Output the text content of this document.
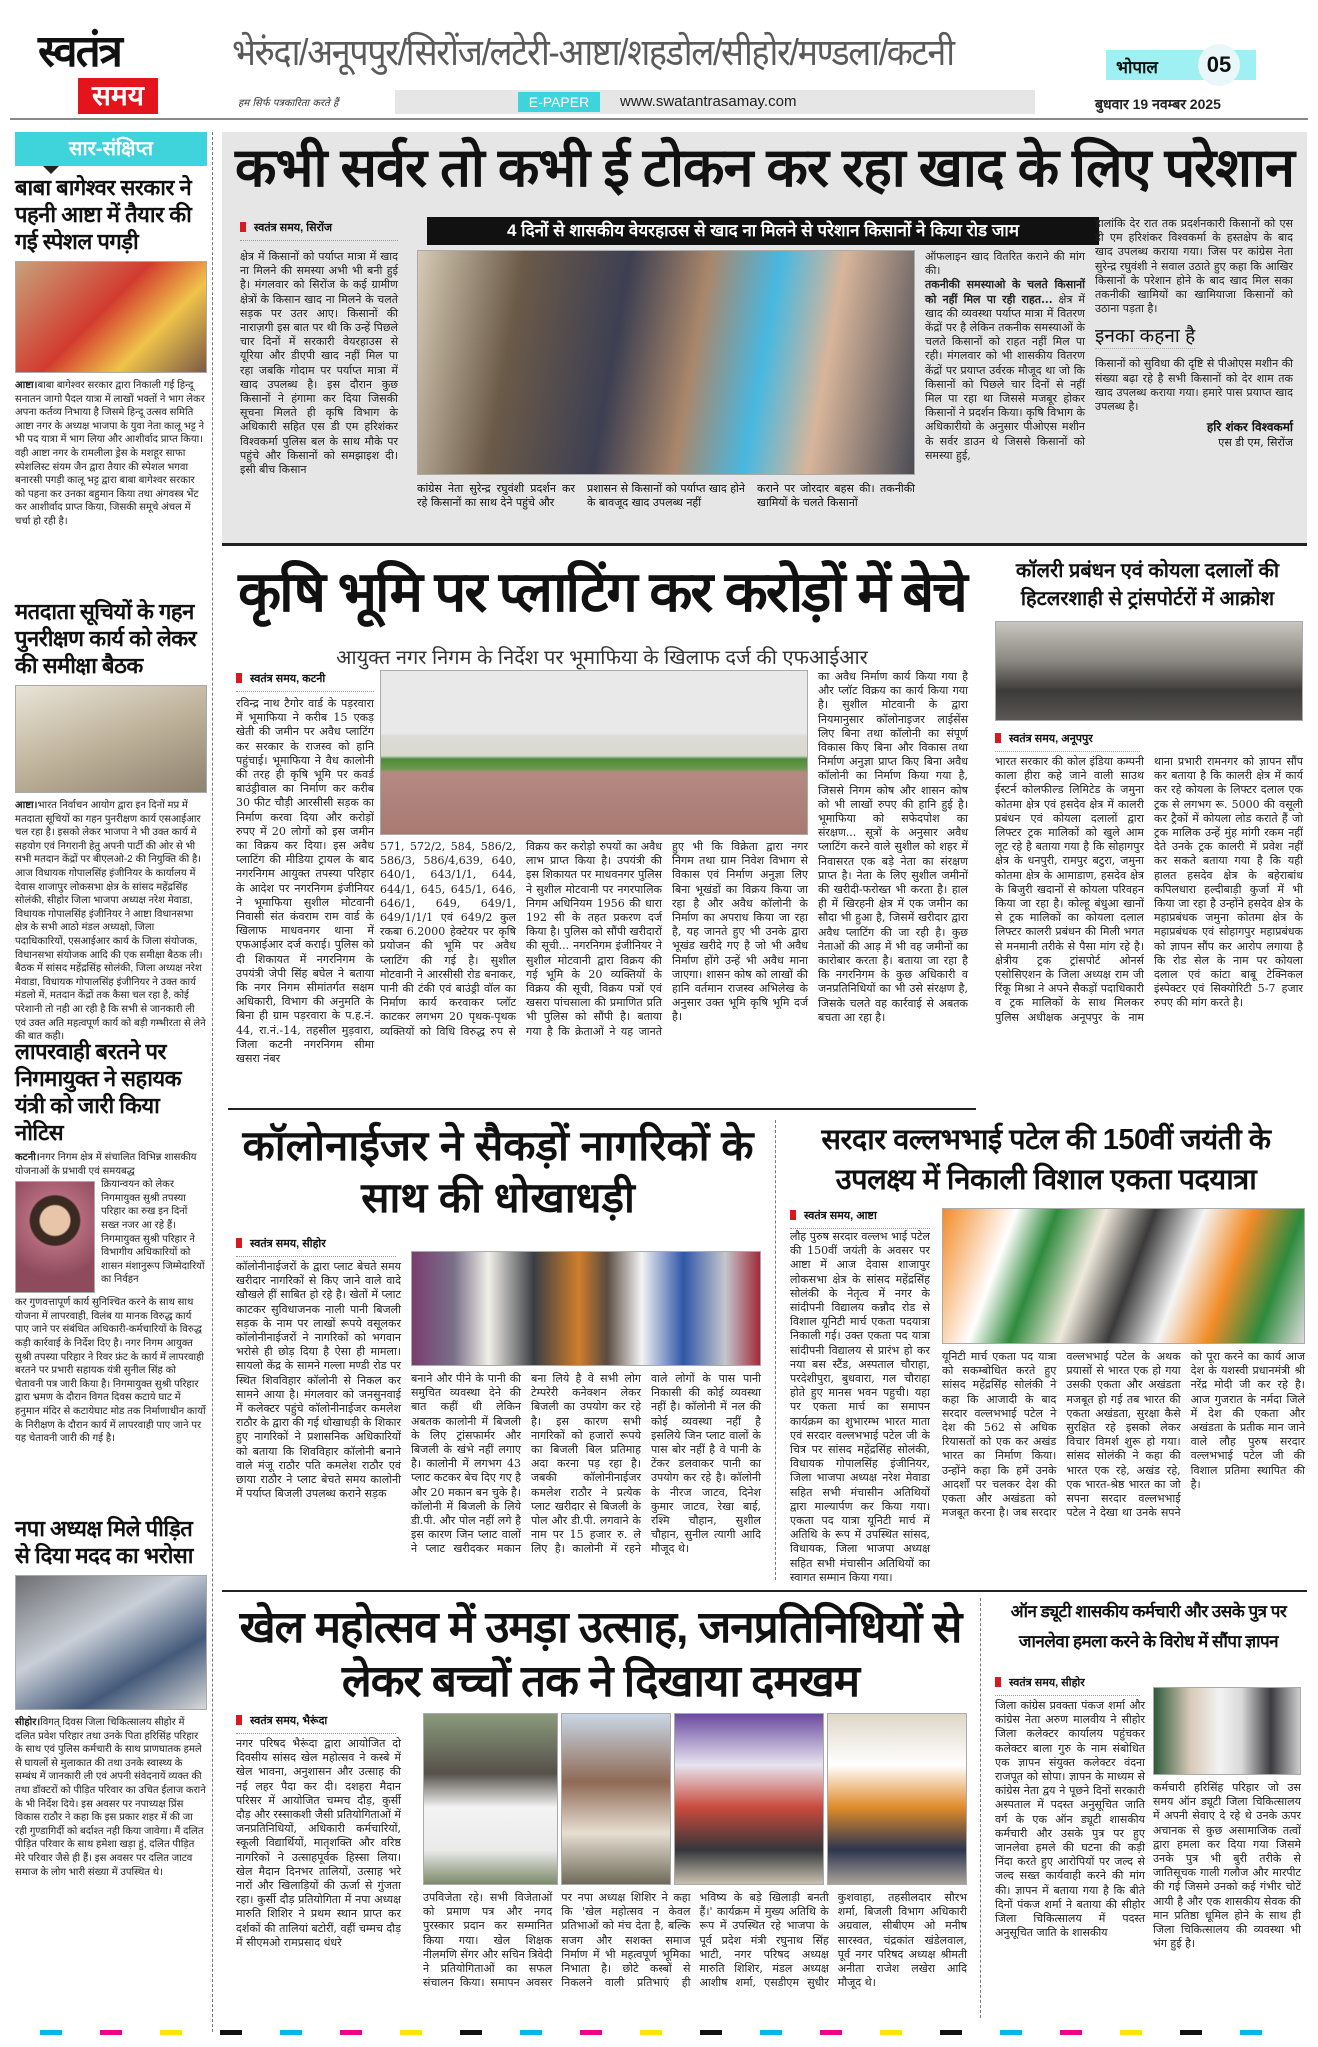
स्वतंत्र
समय
भेरुंदा/अनूपपुर/सिरोंज/लटेरी-आष्टा/शहडोल/सीहोर/मण्डला/कटनी	भोपाल	05
हम सिर्फ पत्रकारिता करते हैं	E-PAPER	www.swatantrasamay.com	बुधवार 19 नवम्बर 2025
सार-संक्षिप्त
बाबा बागेश्वर सरकार ने पहनी आष्टा में तैयार की गई स्पेशल पगड़ी
आष्टा।बाबा बागेश्वर सरकार द्वारा निकाली गई हिन्दू सनातन जागो पैदल यात्रा में लाखों भक्तों ने भाग लेकर अपना कर्तव्य निभाया है जिसमे हिन्दू उत्सव समिति आष्टा नगर के अध्यक्ष भाजपा के युवा नेता कालू भट्ट ने भी पद यात्रा में भाग लिया और आशीर्वाद प्राप्त किया। वही आष्टा नगर के रामलीला ड्रेस के मशहूर साफा स्पेशलिस्ट संयम जैन द्वारा तैयार की स्पेशल भगवा बनारसी पगड़ी कालू भट्ट द्वारा बाबा बागेश्वर सरकार को पहना कर उनका बहुमान किया तथा अंगवस्त्र भेंट कर आशीर्वाद प्राप्त किया, जिसकी समूचे अंचल में चर्चा हो रही है।
मतदाता सूचियों के गहन पुनरीक्षण कार्य को लेकर की समीक्षा बैठक
आष्टा।भारत निर्वाचन आयोग द्वारा इन दिनों मप्र में मतदाता सूचियों का गहन पुनरीक्षण कार्य एसआईआर चल रहा है। इसको लेकर भाजपा ने भी उक्त कार्य मे सहयोग एवं निगरानी हेतु अपनी पार्टी की ओर से भी सभी मतदान केंद्रों पर बीएलओ-2 की नियुक्ति की है। आज विधायक गोपालसिंह इंजीनियर के कार्यालय में देवास शाजापुर लोकसभा क्षेत्र के सांसद महेंद्रसिंह सोलंकी, सीहोर जिला भाजपा अध्यक्ष नरेश मेवाडा, विधायक गोपालसिंह इंजीनियर ने आष्टा विधानसभा क्षेत्र के सभी आठो मंडल अध्यक्षो, जिला पदाधिकारियों, एसआईआर कार्य के जिला संयोजक, विधानसभा संयोजक आदि की एक समीक्षा बैठक ली। बैठक में सांसद महेंद्रसिंह सोलंकी, जिला अध्यक्ष नरेश मेवाडा, विधायक गोपालसिंह इंजीनियर ने उक्त कार्य मंडलो में, मतदान केंद्रों तक कैसा चल रहा है, कोई परेशानी तो नही आ रही है कि सभी से जानकारी ली एवं उक्त अति महत्वपूर्ण कार्य को बड़ी गम्भीरता से लेने की बात कही।
लापरवाही बरतने पर निगमायुक्त ने सहायक यंत्री को जारी किया नोटिस
कटनी।नगर निगम क्षेत्र में संचालित विभिन्न शासकीय योजनाओं के प्रभावी एवं समयबद्ध
क्रियान्वयन को लेकर निगमायुक्त सुश्री तपस्या परिहार का रुख इन दिनों सख्त नजर आ रहे हैं। निगमायुक्त सुश्री परिहार ने विभागीय अधिकारियों को शासन मंशानुरूप जिम्मेदारियों का निर्वहन
कर गुणवत्तापूर्ण कार्य सुनिश्चित करने के साथ साथ योजना में लापरवाही, विलंब या मानक विरुद्ध कार्य पाए जाने पर संबंधित अधिकारी-कर्मचारियों के विरुद्ध कड़ी कार्रवाई के निर्देश दिए है। नगर निगम आयुक्त सुश्री तपस्या परिहार ने रिवर फ्रंट के कार्य में लापरवाही बरतने पर प्रभारी सहायक यंत्री सुनील सिंह को चेतावनी पत्र जारी किया है। निगमायुक्त सुश्री परिहार द्वारा भ्रमण के दौरान विगत दिवस कटाये घाट में हनुमान मंदिर से कटायेघाट मोड तक निर्माणाधीन कार्यो के निरीक्षण के दौरान कार्य में लापरवाही पाए जाने पर यह चेतावनी जारी की गई है।
नपा अध्यक्ष मिले पीड़ित से दिया मदद का भरोसा
सीहोर।विगत् दिवस जिला चिकित्सालय सीहोर में दलित प्रवेश परिहार तथा उनके पिता हरिसिंह परिहार के साथ एवं पुलिस कर्मचारी के साथ प्राणघातक हमले से घायलों से मुलाकात की तथा उनके स्वास्थ्य के सम्बंध में जानकारी ली एवं अपनी संवेदनायें व्यक्त की तथा डॉक्टरों को पीड़ित परिवार का उचित ईलाज कराने के भी निर्देश दिये। इस अवसर पर नपाध्यक्ष प्रिंस विकास राठौर ने कहा कि इस प्रकार शहर में की जा रही गुण्डागिर्दी को बर्दाश्त नही किया जावेगा। मैं दलित पीड़ित परिवार के साथ हमेशा खड़ा हुं, दलित पीड़ित मेरे परिवार जैसे ही हैं। इस अवसर पर दलित जाटव समाज के लोग भारी संख्या में उपस्थित थे।
कभी सर्वर तो कभी ई टोकन कर रहा खाद के लिए परेशान
स्वतंत्र समय, सिरोंज	4 दिनों से शासकीय वेयरहाउस से खाद ना मिलने से परेशान किसानों ने किया रोड जाम
क्षेत्र में किसानों को पर्याप्त मात्रा में खाद ना मिलने की समस्या अभी भी बनी हुई है। मंगलवार को सिरोंज के कई ग्रामीण क्षेत्रों के किसान खाद ना मिलने के चलते सड़क पर उतर आए। किसानों की नाराज़गी इस बात पर थी कि उन्हें पिछले चार दिनों में सरकारी वेयरहाउस से यूरिया और डीएपी खाद नहीं मिल पा रहा जबकि गोदाम पर पर्याप्त मात्रा में खाद उपलब्ध है। इस दौरान कुछ किसानों ने हंगामा कर दिया जिसकी सूचना मिलते ही कृषि विभाग के अधिकारी सहित एस डी एम हरिशंकर विश्वकर्मा पुलिस बल के साथ मौके पर पहुंचे और किसानों को समझाइश दी। इसी बीच किसान
कांग्रेस नेता सुरेन्द्र रघुवंशी प्रदर्शन कर रहे किसानों का साथ देने पहुंचे और
प्रशासन से किसानों को पर्याप्त खाद होने के बावजूद खाद उपलब्ध नहीं
कराने पर जोरदार बहस की। तकनीकी खामियों के चलते किसानों
ऑफलाइन खाद वितरित कराने की मांग की।
तकनीकी समस्याओ के चलते किसानों को नहीं मिल पा रही राहत... क्षेत्र में खाद की व्यवस्था पर्याप्त मात्रा में वितरण केंद्रों पर है लेकिन तकनीक समस्याओं के चलते किसानों को राहत नहीं मिल पा रही। मंगलवार को भी शासकीय वितरण केंद्रों पर प्रयाप्त उर्वरक मौजूद था जो कि किसानों को पिछले चार दिनों से नहीं मिल पा रहा था जिससे मजबूर होकर किसानों ने प्रदर्शन किया। कृषि विभाग के अधिकारीयो के अनुसार पीओएस मशीन के सर्वर डाउन थे जिससे किसानों को समस्या हुई,
हालांकि देर रात तक प्रदर्शनकारी किसानों को एस डी एम हरिशंकर विश्वकर्मा के हस्तक्षेप के बाद खाद उपलब्ध कराया गया। जिस पर कांग्रेस नेता सुरेन्द्र रघुवंशी ने सवाल उठाते हुए कहा कि आखिर किसानों के परेशान होने के बाद खाद मिल सका तकनीकी खामियों का खामियाजा किसानों को उठाना पड़ता है।
इनका कहना है
किसानों को सुविधा की दृष्टि से पीओएस मशीन की संख्या बढ़ा रहे है सभी किसानों को देर शाम तक खाद उपलब्ध कराया गया। हमारे पास प्रयाप्त खाद उपलब्ध है।
हरि शंकर विश्वकर्मा
एस डी एम, सिरोंज
कृषि भूमि पर प्लाटिंग कर करोड़ों में बेचे
आयुक्त नगर निगम के निर्देश पर भूमाफिया के खिलाफ दर्ज की एफआईआर
स्वतंत्र समय, कटनी
रविन्द्र नाथ टैगोर वार्ड के पड़रवारा में भूमाफिया ने करीब 15 एकड़ खेती की जमीन पर अवैध प्लाटिंग कर सरकार के राजस्व को हानि पहुंचाई। भूमाफिया ने वैध कालोनी की तरह ही कृषि भूमि पर कवर्ड बाउंड्रीवाल का निर्माण कर करीब 30 फीट चौड़ी आरसीसी सड़क का निर्माण करवा दिया और करोड़ों रुपए में 20 लोगों को इस जमीन का विक्रय कर दिया। इस अवैध प्लाटिंग की मीडिया ट्रायल के बाद नगरनिगम आयुक्त तपस्या परिहार के आदेश पर नगरनिगम इंजीनियर ने भूमाफिया सुशील मोटवानी निवासी संत कंवराम राम वार्ड के खिलाफ माधवनगर थाना में एफआईआर दर्ज कराई। पुलिस को दी शिकायत में नगरनिगम के उपयंत्री जेपी सिंह बघेल ने बताया कि नगर निगम सीमांतर्गत सक्षम अधिकारी, विभाग की अनुमति के बिना ही ग्राम पड़रवारा के प.ह.नं. 44, रा.नं.-14, तहसील मुड़वारा, जिला कटनी नगरनिगम सीमा खसरा नंबर
571, 572/2, 584, 586/2, 586/3, 586/4,639, 640, 640/1, 643/1/1, 644, 644/1, 645, 645/1, 646, 646/1, 649, 649/1, 649/1/1/1 एवं 649/2 कुल रकबा 6.2000 हेक्टेयर पर कृषि प्रयोजन की भूमि पर अवैध प्लाटिंग की गई है। सुशील मोटवानी ने आरसीसी रोड बनाकर, पानी की टंकी एवं बाउंड्री वॉल का निर्माण कार्य करवाकर प्लॉट काटकर लगभग 20 पृथक-पृथक व्यक्तियों को विधि विरुद्ध रुप से विक्रय कर करोड़ो रुपयों का अवैध लाभ प्राप्त किया है। उपयंत्री की इस शिकायत पर माधवनगर पुलिस ने सुशील मोटवानी पर नगरपालिक निगम अधिनियम 1956 की धारा 192 सी के तहत प्रकरण दर्ज किया है। पुलिस को सौंपी खरीदारों की सूची... नगरनिगम इंजीनियर ने सुशील मोटवानी द्वारा विक्रय की गई भूमि के 20 व्यक्तियों के विक्रय की सूची, विक्रय पत्रों एवं खसरा पांचसाला की प्रमाणित प्रति भी पुलिस को सौंपी है। बताया गया है कि क्रेताओं ने यह जानते हुए भी कि विक्रेता द्वारा नगर निगम तथा ग्राम निवेश विभाग से विकास एवं निर्माण अनुज्ञा लिए बिना भूखंडों का विक्रय किया जा रहा है और अवैध कॉलोनी के निर्माण का अपराध किया जा रहा है, यह जानते हुए भी उनके द्वारा भूखंड खरीदे गए है जो भी अवैध निर्माण होंगे उन्हें भी अवैध माना जाएगा। शासन कोष को लाखों की हानि वर्तमान राजस्व अभिलेख के अनुसार उक्त भूमि कृषि भूमि दर्ज है।
का अवैध निर्माण कार्य किया गया है और प्लॉट विक्रय का कार्य किया गया है। सुशील मोटवानी के द्वारा नियमानुसार कॉलोनाइजर लाईसेंस लिए बिना तथा कॉलोनी का संपूर्ण विकास किए बिना और विकास तथा निर्माण अनुज्ञा प्राप्त किए बिना अवैध कॉलोनी का निर्माण किया गया है, जिससे निगम कोष और शासन कोष को भी लाखों रुपए की हानि हुई है। भूमाफिया को सफेदपोश का संरक्षण... सूत्रों के अनुसार अवैध प्लाटिंग करने वाले सुशील को शहर में निवासरत एक बड़े नेता का संरक्षण प्राप्त है। नेता के लिए सुशील जमीनों की खरीदी-फरोख्त भी करता है। हाल ही में खिरहनी क्षेत्र में एक जमीन का सौदा भी हुआ है, जिसमें खरीदार द्वारा अवैध प्लाटिंग की जा रही है। कुछ नेताओं की आड़ में भी वह जमीनों का कारोबार करता है। बताया जा रहा है कि नगरनिगम के कुछ अधिकारी व जनप्रतिनिधियों का भी उसे संरक्षण है, जिसके चलते वह कार्रवाई से अबतक बचता आ रहा है।
कॉलरी प्रबंधन एवं कोयला दलालों की हिटलरशाही से ट्रांसपोर्टरों में आक्रोश
स्वतंत्र समय, अनूपपुर
भारत सरकार की कोल इंडिया कम्पनी काला हीरा कहे जाने वाली साउथ ईस्टर्न कोलफील्ड लिमिटेड के जमुना कोतमा क्षेत्र एवं हसदेव क्षेत्र में कालरी प्रबंधन एवं कोयला दलालों द्वारा लिफ्टर ट्रक मालिकों को खुले आम लूट रहे है बताया गया है कि सोहागपुर क्षेत्र के धनपुरी, रामपुर बटुरा, जमुना कोतमा क्षेत्र के आमाडाण, हसदेव क्षेत्र के बिजुरी खदानों से कोयला परिवहन किया जा रहा है। कोल्हू बंधुआ खानों से ट्रक मालिकों का कोयला दलाल लिफ्टर कालरी प्रबंधन की मिली भगत से मनमानी तरीके से पैसा मांग रहे है। क्षेत्रीय ट्रक ट्रांसपोर्ट ओनर्स एसोसिएशन के जिला अध्यक्ष राम जी रिंकू मिश्रा ने अपने सैकड़ों पदाधिकारी व ट्रक मालिकों के साथ मिलकर पुलिस अधीक्षक अनूपपुर के नाम थाना प्रभारी रामनगर को ज्ञापन सौंप कर बताया है कि कालरी क्षेत्र में कार्य कर रहे कोयला के लिफ्टर दलाल एक ट्रक से लगभग रू. 5000 की वसूली कर ट्रैकों में कोयला लोड कराते हैं जो ट्रक मालिक उन्हें मुंह मांगी रकम नहीं देते उनके ट्रक कालरी में प्रवेश नहीं कर सकते बताया गया है कि यही हालत हसदेव क्षेत्र के बहेराबांध कपिलधारा हल्दीबाड़ी कुर्जा में भी किया जा रहा है उन्होंने हसदेव क्षेत्र के महाप्रबंधक जमुना कोतमा क्षेत्र के महाप्रबंधक एवं सोहागपुर महाप्रबंधक को ज्ञापन सौंप कर आरोप लगाया है कि रोड सेल के नाम पर कोयला दलाल एवं कांटा बाबू टेक्निकल इंस्पेक्टर एवं सिक्योरिटी 5-7 हजार रुपए की मांग करते है।
कॉलोनाईजर ने सैकड़ों नागरिकों के साथ की धोखाधड़ी
स्वतंत्र समय, सीहोर
कॉलोनीनाईजरों के द्वारा प्लाट बेचते समय खरीदार नागरिकों से किए जाने वाले वादे खौखले हीं साबित हो रहे है। खेतों में प्लाट काटकर सुविधाजनक नाली पानी बिजली सड़क के नाम पर लाखों रूपये वसूलकर कॉलोनीनाईजरों ने नागरिकों को भगवान भरोसे ही छोड़ दिया है ऐसा ही मामला। सायलो केंद्र के सामने गल्ला मण्डी रोड पर स्थित शिवविहार कॉलोनी से निकल कर सामने आया है। मंगलवार को जनसुनवाई में कलेक्टर पहुंचे कॉलोनीनाईजर कमलेश राठौर के द्वारा की गई धोखाधड़ी के शिकार हुए नागरिकों ने प्रशासनिक अधिकारियों को बताया कि शिवविहार कॉलोनी बनाने वाले मंजू राठौर पति कमलेश राठौर एवं छाया राठौर ने प्लाट बेचते समय कालोनी में पर्याप्त बिजली उपलब्ध कराने सड़क
बनाने और पीने के पानी की समुचित व्यवस्था देने की बात कहीं थी लेकिन अबतक कालोनी में बिजली के लिए ट्रांसफार्मर और बिजली के खंभे नहीं लगाए है। कालोनी में लगभग 43 प्लाट कटकर बेच दिए गए है और 20 मकान बन चुके है। कॉलोनी में बिजली के लिये डी.पी. और पोल नहीं लगे है इस कारण जिन प्लाट वालों ने प्लाट खरीदकर मकान बना लिये है वे सभी लोग टेम्परेरी कनेक्शन लेकर बिजली का उपयोग कर रहे है। इस कारण सभी नागरिकों को हजारों रूपये का बिजली बिल प्रतिमाह अदा करना पड़ रहा है। जबकी कॉलोनीनाईजर कमलेश राठौर ने प्रत्येक प्लाट खरीदार से बिजली के पोल और डी.पी. लगवाने के नाम पर 15 हजार रु. ले लिए है। कालोनी में रहने वाले लोगों के पास पानी निकासी की कोई व्यवस्था नहीं है। कॉलोनी में नल की कोई व्यवस्था नहीं है इसलिये जिन प्लाट वालों के पास बोर नहीं है वे पानी के टेंकर डलवाकर पानी का उपयोग कर रहे है। कॉलोनी के नीरज जाटव, दिनेश कुमार जाटव, रेखा बाई, रश्मि चौहान, सुशील चौहान, सुनील त्यागी आदि मौजूद थे।
सरदार वल्लभभाई पटेल की 150वीं जयंती के उपलक्ष्य में निकाली विशाल एकता पदयात्रा
स्वतंत्र समय, आष्टा
लौह पुरुष सरदार वल्लभ भाई पटेल की 150वीं जयंती के अवसर पर आष्टा में आज देवास शाजापुर लोकसभा क्षेत्र के सांसद महेंद्रसिंह सोलंकी के नेतृत्व में नगर के सांदीपनी विद्यालय कन्नौद रोड से विशाल यूनिटी मार्च एकता पदयात्रा निकाली गई। उक्त एकता पद यात्रा सांदीपनी विद्यालय से प्रारंभ हो कर नया बस स्टैंड, अस्पताल चौराहा, परदेशीपुरा, बुधवारा, गल चौराहा होते हुए मानस भवन पहुची। यहा पर एकता मार्च का समापन कार्यक्रम का शुभारम्भ भारत माता एवं सरदार वल्लभभाई पटेल जी के चित्र पर सांसद महेंद्रसिंह सोलंकी, विधायक गोपालसिंह इंजीनियर, जिला भाजपा अध्यक्ष नरेश मेवाडा सहित सभी मंचासीन अतिथियों द्वारा माल्यार्पण कर किया गया। एकता पद यात्रा यूनिटी मार्च में अतिथि के रूप में उपस्थित सांसद, विधायक, जिला भाजपा अध्यक्ष सहित सभी मंचासीन अतिथियों का स्वागत सम्मान किया गया।
यूनिटी मार्च एकता पद यात्रा को सकम्बोधित करते हुए सांसद महेंद्रसिंह सोलंकी ने कहा कि आजादी के बाद सरदार वल्लभभाई पटेल ने देश की 562 से अधिक रियासतों को एक कर अखंड भारत का निर्माण किया। उन्होंने कहा कि हमें उनके आदर्शों पर चलकर देश की एकता और अखंडता को मजबूत करना है। जब सरदार वल्लभभाई पटेल के अथक प्रयासों से भारत एक हो गया उसकी एकता और अखंडता मजबूत हो गई तब भारत की एकता अखंडता, सुरक्षा कैसे सुरक्षित रहे इसको लेकर विचार विमर्श शुरू हो गया। सांसद सोलंकी ने कहा की भारत एक रहे, अखंड रहे, एक भारत-श्रेष्ठ भारत का जो सपना सरदार वल्लभभाई पटेल ने देखा था उनके सपने को पूरा करने का कार्य आज देश के यशस्वी प्रधानमंत्री श्री नरेंद्र मोदी जी कर रहे है। आज गुजरात के नर्मदा जिले में देश की एकता और अखंडता के प्रतीक मान जाने वाले लौह पुरुष सरदार वल्लभभाई पटेल जी की विशाल प्रतिमा स्थापित की है।
खेल महोत्सव में उमड़ा उत्साह, जनप्रतिनिधियों से लेकर बच्चों तक ने दिखाया दमखम
स्वतंत्र समय, भैरूंदा
नगर परिषद भैरूंदा द्वारा आयोजित दो दिवसीय सांसद खेल महोत्सव ने कस्बे में खेल भावना, अनुशासन और उत्साह की नई लहर पैदा कर दी। दशहरा मैदान परिसर में आयोजित चम्मच दौड़, कुर्सी दौड़ और रस्साकशी जैसी प्रतियोगिताओं में जनप्रतिनिधियों, अधिकारी कर्मचारियों, स्कूली विद्यार्थियों, मातृशक्ति और वरिष्ठ नागरिकों ने उत्साहपूर्वक हिस्सा लिया। खेल मैदान दिनभर तालियों, उत्साह भरे नारों और खिलाड़ियों की ऊर्जा से गुंजता रहा। कुर्सी दौड़ प्रतियोगिता में नपा अध्यक्ष मारुति शिशिर ने प्रथम स्थान प्राप्त कर दर्शकों की तालियां बटोरीं, वहीं चम्मच दौड़ में सीएमओ रामप्रसाद धंधरे
उपविजेता रहे। सभी विजेताओं को प्रमाण पत्र और नगद पुरस्कार प्रदान कर सम्मानित किया गया। खेल शिक्षक नीलमणि सेंगर और सचिन त्रिवेदी ने प्रतियोगिताओं का सफल संचालन किया। समापन अवसर पर नपा अध्यक्ष शिशिर ने कहा कि 'खेल महोत्सव न केवल प्रतिभाओं को मंच देता है, बल्कि सजग और सशक्त समाज निर्माण में भी महत्वपूर्ण भूमिका निभाता है। छोटे कस्बों से निकलने वाली प्रतिभाएं ही भविष्य के बड़े खिलाड़ी बनती हैं।' कार्यक्रम में मुख्य अतिथि के रूप में उपस्थित रहे भाजपा के पूर्व प्रदेश मंत्री रघुनाथ सिंह भाटी, नगर परिषद अध्यक्ष मारुति शिशिर, मंडल अध्यक्ष आशीष शर्मा, एसडीएम सुधीर कुशवाहा, तहसीलदार सौरभ शर्मा, बिजली विभाग अधिकारी अग्रवाल, सीबीएम ओ मनीष सारस्वत, चंद्रकांत खंडेलवाल, पूर्व नगर परिषद अध्यक्ष श्रीमती अनीता राजेश लखेरा आदि मौजूद थे।
ऑन ड्यूटी शासकीय कर्मचारी और उसके पुत्र पर जानलेवा हमला करने के विरोध में सौंपा ज्ञापन
स्वतंत्र समय, सीहोर
जिला कांग्रेस प्रवक्ता पंकज शर्मा और कांग्रेस नेता अरुण मालवीय ने सीहोर जिला कलेक्टर कार्यालय पहुंचकर कलेक्टर बाला गुरु के नाम संबोधित एक ज्ञापन संयुक्त कलेक्टर वंदना राजपूत को सोपा। ज्ञापन के माध्यम से कांग्रेस नेता द्वय ने पूछने दिनों सरकारी अस्पताल में पदस्त अनुसूचित जाति वर्ग के एक ऑन ड्यूटी शासकीय कर्मचारी और उसके पुत्र पर हुए जानलेवा हमले की घटना की कड़ी निंदा करते हुए आरोपियों पर जल्द से जल्द सख्त कार्यवाही करने की मांग की। ज्ञापन में बताया गया है कि बीते दिनों पंकज शर्मा ने बताया की सीहोर जिला चिकित्सालय में पदस्त अनुसूचित जाति के शासकीय
कर्मचारी हरिसिंह परिहार जो उस समय ऑन ड्यूटी जिला चिकित्सालय में अपनी सेवाए दे रहे थे उनके ऊपर अचानक से कुछ असामाजिक तत्वों द्वारा हमला कर दिया गया जिसमे उनके पुत्र भी बुरी तरीके से जातिसूचक गाली गलौज और मारपीट की गई जिसमे उनको कई गंभीर चोटें आयी है और एक शासकीय सेवक की मान प्रतिष्ठा धूमिल होने के साथ ही जिला चिकित्सालय की व्यवस्था भी भंग हुई है।
